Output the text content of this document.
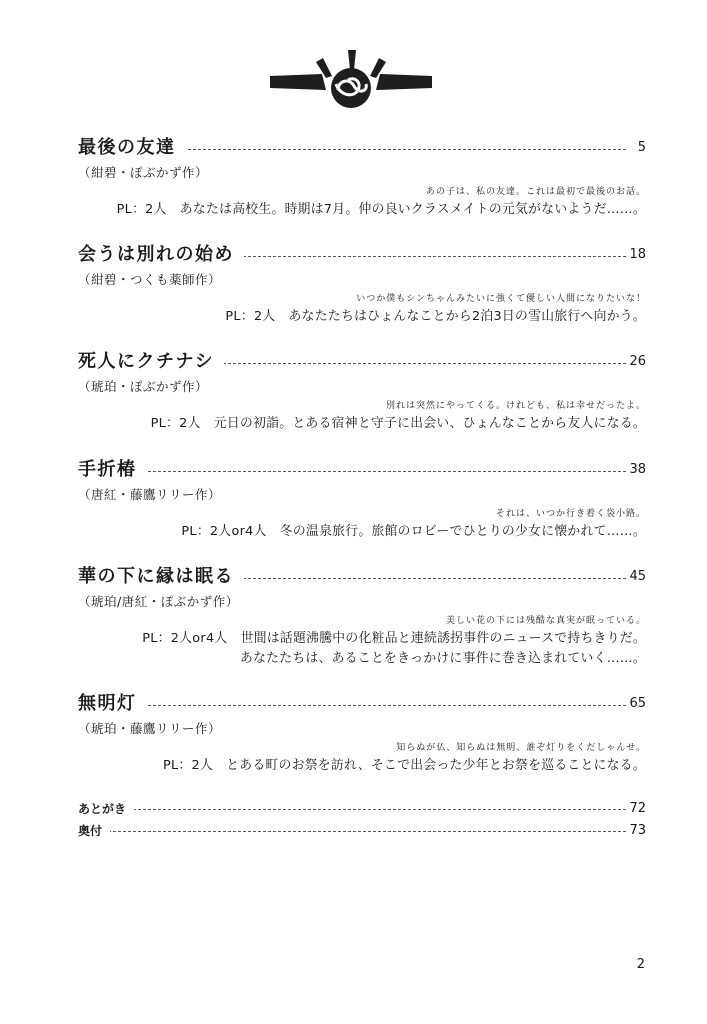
最後の友達	5
（紺碧・ぽぶかず作）
あの子は、私の友達。これは最初で最後のお話。
PL：2人　あなたは高校生。時期は7月。仲の良いクラスメイトの元気がないようだ……。
会うは別れの始め	18
（紺碧・つくも薬師作）
いつか僕もシンちゃんみたいに強くて優しい人間になりたいな！
PL：2人　あなたたちはひょんなことから2泊3日の雪山旅行へ向かう。
死人にクチナシ	26
（琥珀・ぽぶかず作）
別れは突然にやってくる。けれども、私は幸せだったよ。
PL：2人　元日の初詣。とある宿神と守子に出会い、ひょんなことから友人になる。
手折椿	38
（唐紅・藤鷹リリー作）
それは、いつか行き着く袋小路。
PL：2人or4人　冬の温泉旅行。旅館のロビーでひとりの少女に懐かれて……。
華の下に縁は眠る	45
（琥珀/唐紅・ぽぶかず作）
美しい花の下には残酷な真実が眠っている。
PL：2人or4人　世間は話題沸騰中の化粧品と連続誘拐事件のニュースで持ちきりだ。
あなたたちは、あることをきっかけに事件に巻き込まれていく……。
無明灯	65
（琥珀・藤鷹リリー作）
知らぬが仏、知らぬは無明、誰ぞ灯りをくだしゃんせ。
PL：2人　とある町のお祭を訪れ、そこで出会った少年とお祭を巡ることになる。
あとがき	72
奥付	73
2
